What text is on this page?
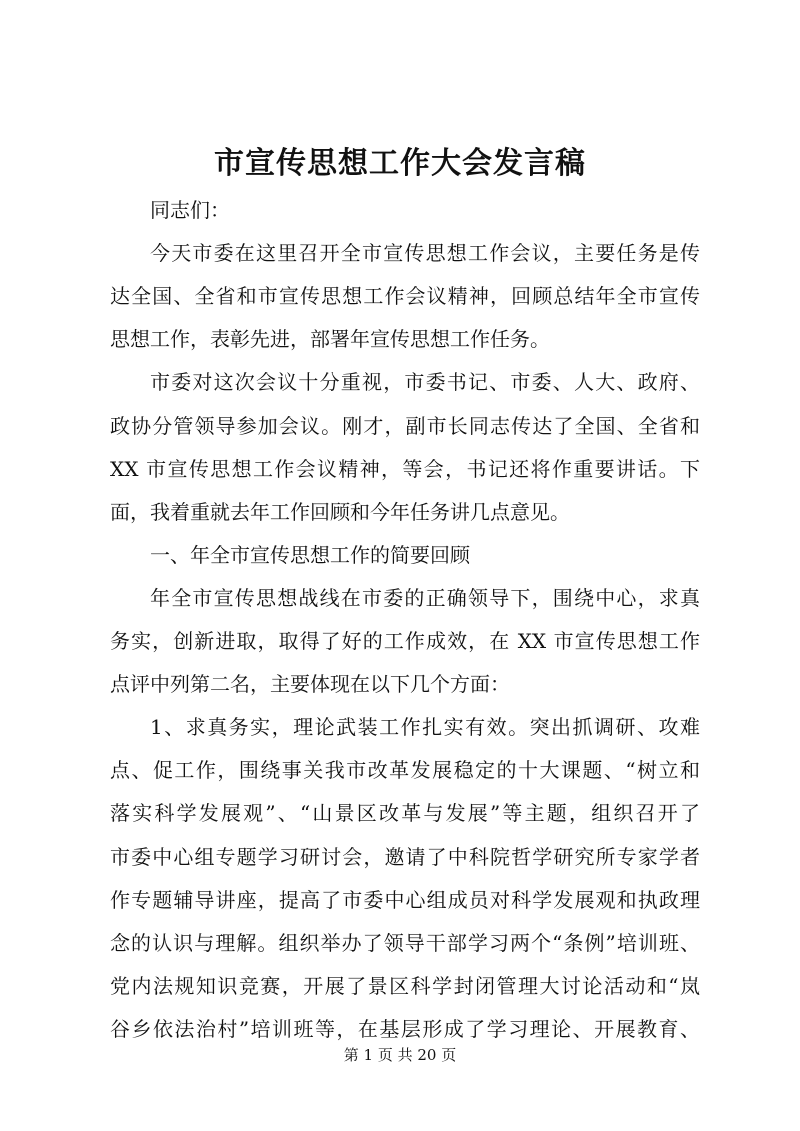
市宣传思想工作大会发言稿
同志们：
今天市委在这里召开全市宣传思想工作会议，主要任务是传
达全国、全省和市宣传思想工作会议精神，回顾总结年全市宣传
思想工作，表彰先进，部署年宣传思想工作任务。
市委对这次会议十分重视，市委书记、市委、人大、政府、
政协分管领导参加会议。刚才，副市长同志传达了全国、全省和
XX 市宣传思想工作会议精神，等会，书记还将作重要讲话。下
面，我着重就去年工作回顾和今年任务讲几点意见。
一、年全市宣传思想工作的简要回顾
年全市宣传思想战线在市委的正确领导下，围绕中心，求真
务实，创新进取，取得了好的工作成效，在 XX 市宣传思想工作
点评中列第二名，主要体现在以下几个方面：
1、求真务实，理论武装工作扎实有效。突出抓调研、攻难
点、促工作，围绕事关我市改革发展稳定的十大课题、“树立和
落实科学发展观”、“山景区改革与发展”等主题，组织召开了
市委中心组专题学习研讨会，邀请了中科院哲学研究所专家学者
作专题辅导讲座，提高了市委中心组成员对科学发展观和执政理
念的认识与理解。组织举办了领导干部学习两个“条例”培训班、
党内法规知识竞赛，开展了景区科学封闭管理大讨论活动和“岚
第 1 页 共 20 页
谷乡依法治村”培训班等，在基层形成了学习理论、开展教育、
